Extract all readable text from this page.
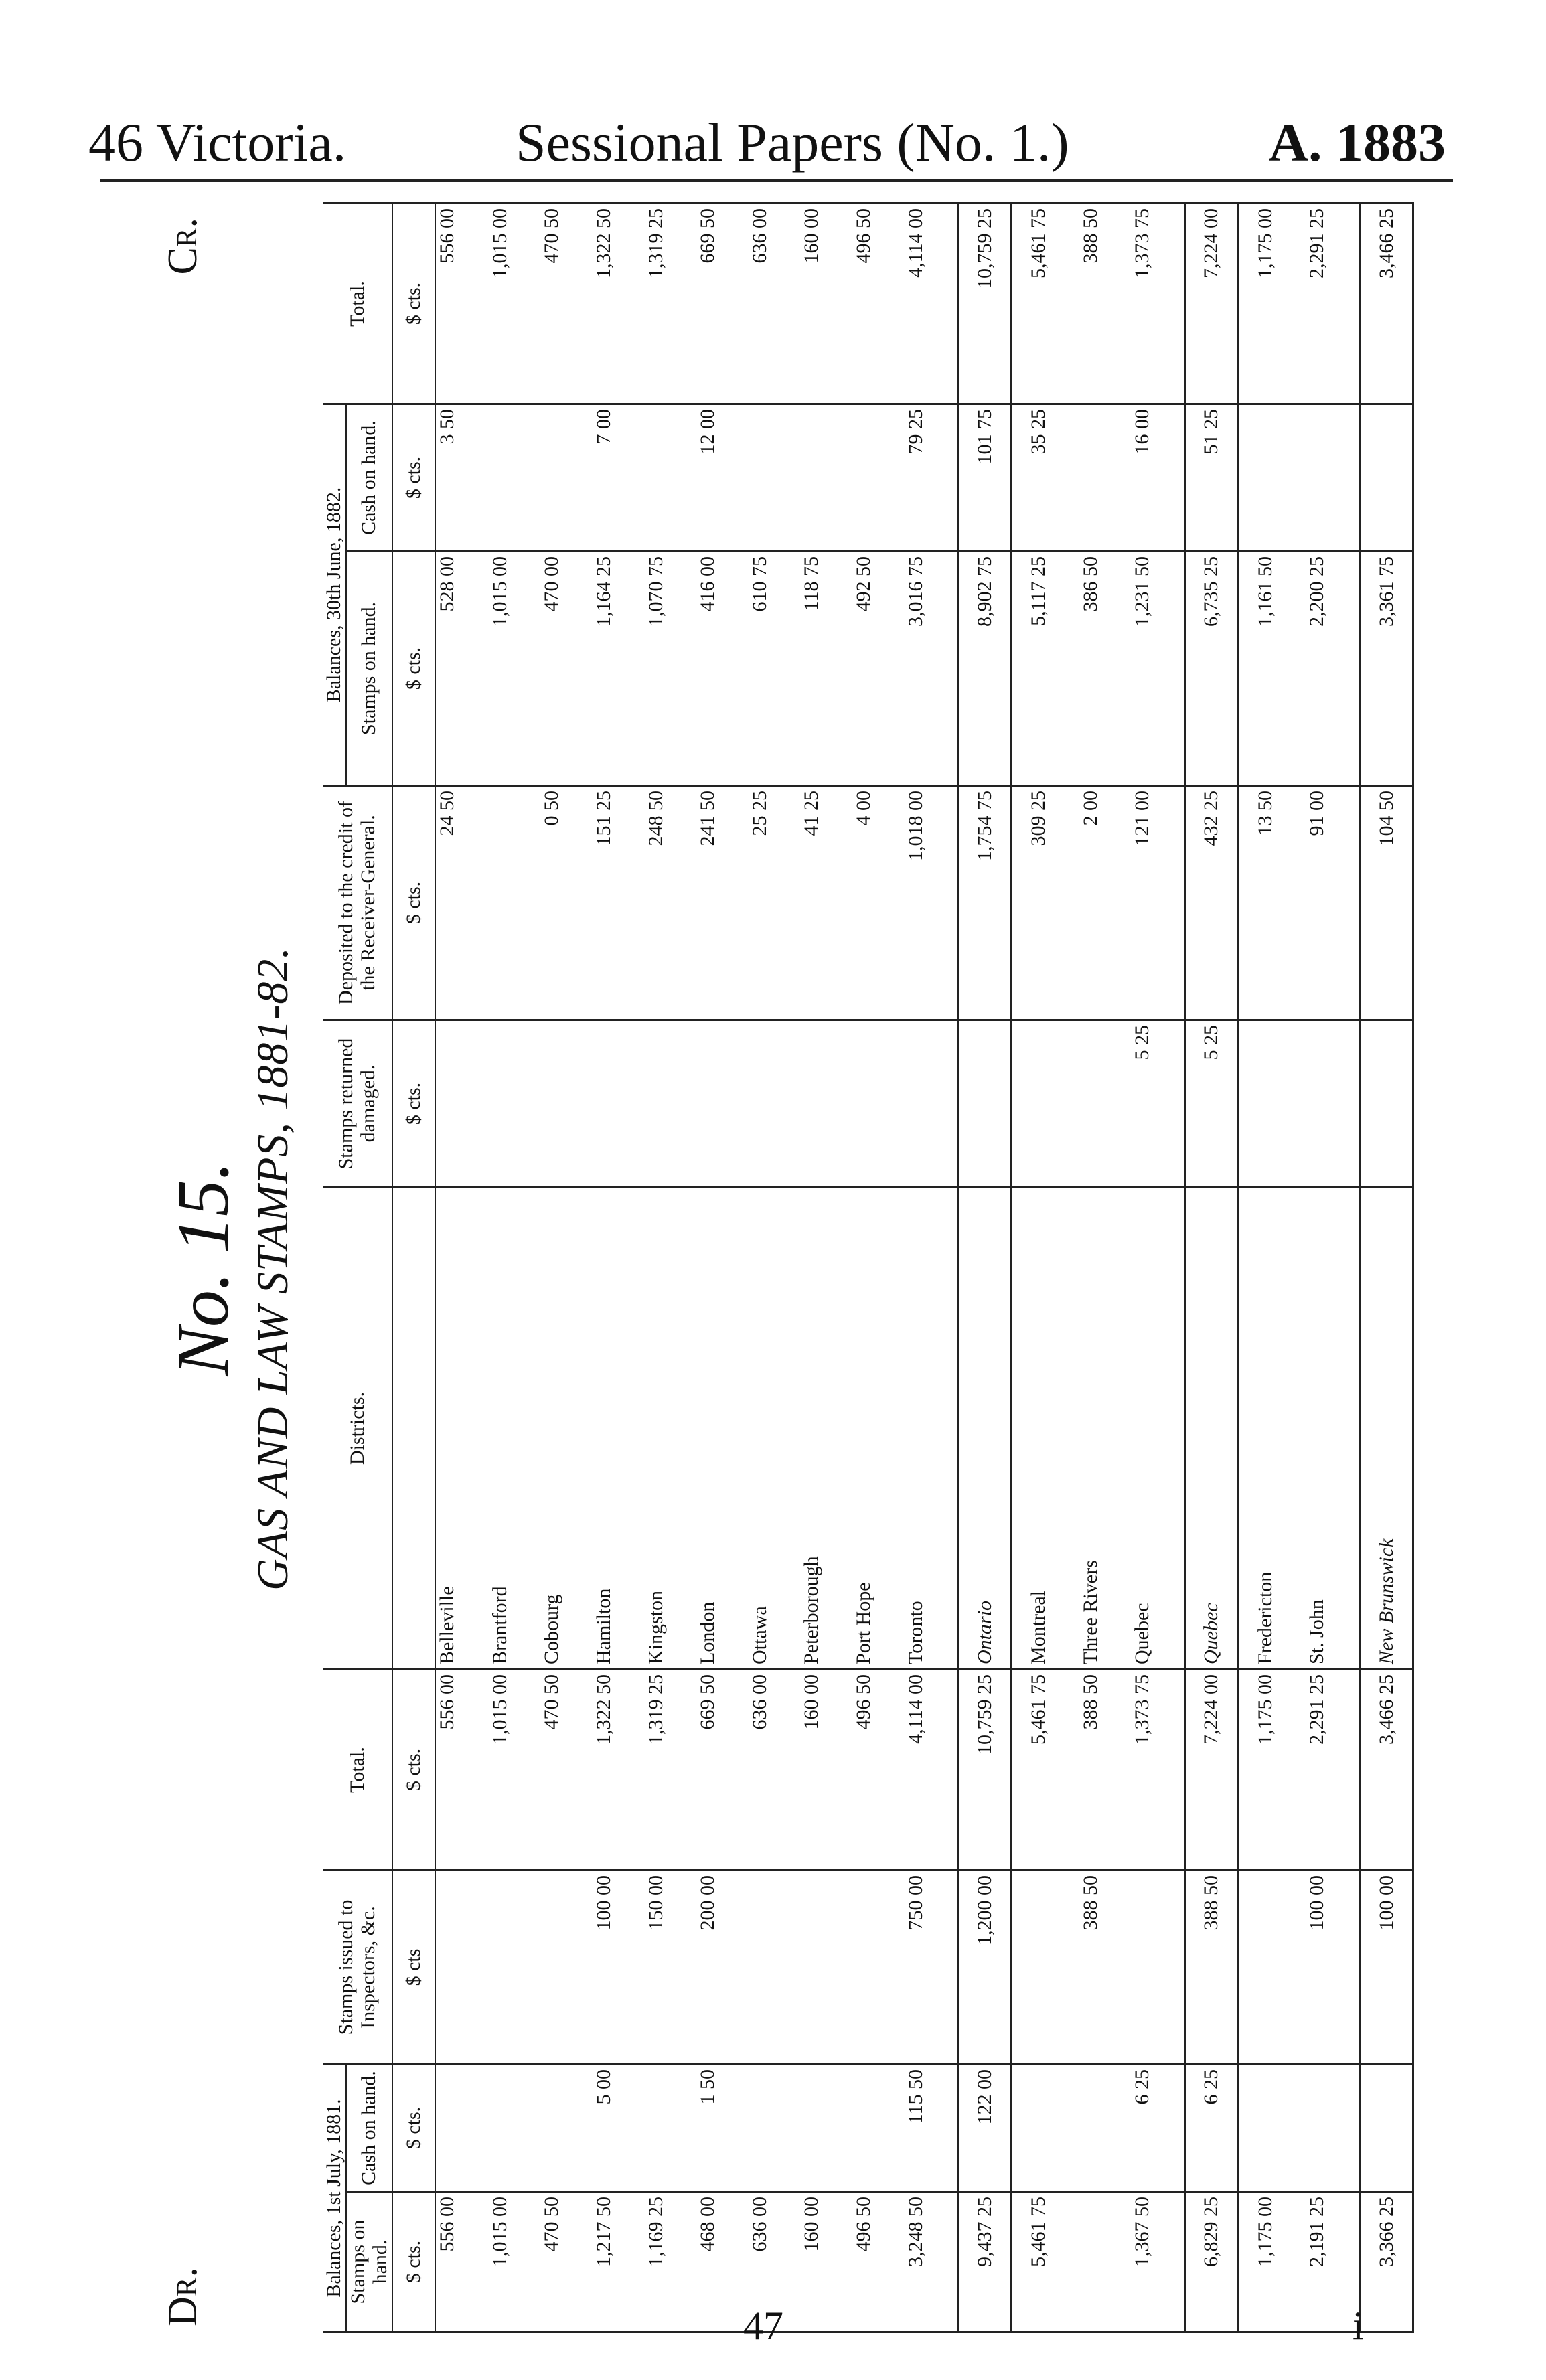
46 Victoria.	Sessional Papers (No. 1.)	A. 1883
Dr.
Cr.
No. 15. GAS AND LAW STAMPS, 1881-82.
Balances, 1st July, 1881.		Stamps issued to Inspectors, &c.	Total.	Districts.	Stamps returned damaged.	Deposited to the credit of the Receiver-General.	Balances, 30th June, 1882.		Total.
Stamps on hand.	Cash on hand.						Stamps on hand.	Cash on hand.	
$ cts.	$ cts.	$ cts	$ cts.		$ cts.	$ cts.	$ cts.	$ cts.	$ cts.
556 00			556 00	Belleville		24 50	528 00	3 50	556 00
1,015 00			1,015 00	Brantford			1,015 00		1,015 00
470 50			470 50	Cobourg		0 50	470 00		470 50
1,217 50	5 00	100 00	1,322 50	Hamilton		151 25	1,164 25	7 00	1,322 50
1,169 25		150 00	1,319 25	Kingston		248 50	1,070 75		1,319 25
468 00	1 50	200 00	669 50	London		241 50	416 00	12 00	669 50
636 00			636 00	Ottawa		25 25	610 75		636 00
160 00			160 00	Peterborough		41 25	118 75		160 00
496 50			496 50	Port Hope		4 00	492 50		496 50
3,248 50	115 50	750 00	4,114 00	Toronto		1,018 00	3,016 75	79 25	4,114 00
9,437 25	122 00	1,200 00	10,759 25	Ontario		1,754 75	8,902 75	101 75	10,759 25

5,461 75			5,461 75	Montreal		309 25	5,117 25	35 25	5,461 75
		388 50	388 50	Three Rivers		2 00	386 50		388 50
1,367 50	6 25		1,373 75	Quebec	5 25	121 00	1,231 50	16 00	1,373 75
6,829 25	6 25	388 50	7,224 00	Quebec	5 25	432 25	6,735 25	51 25	7,224 00

1,175 00			1,175 00	Fredericton		13 50	1,161 50		1,175 00
2,191 25		100 00	2,291 25	St. John		91 00	2,200 25		2,291 25
3,366 25		100 00	3,466 25	New Brunswick		104 50	3,361 75		3,466 25
47	i
